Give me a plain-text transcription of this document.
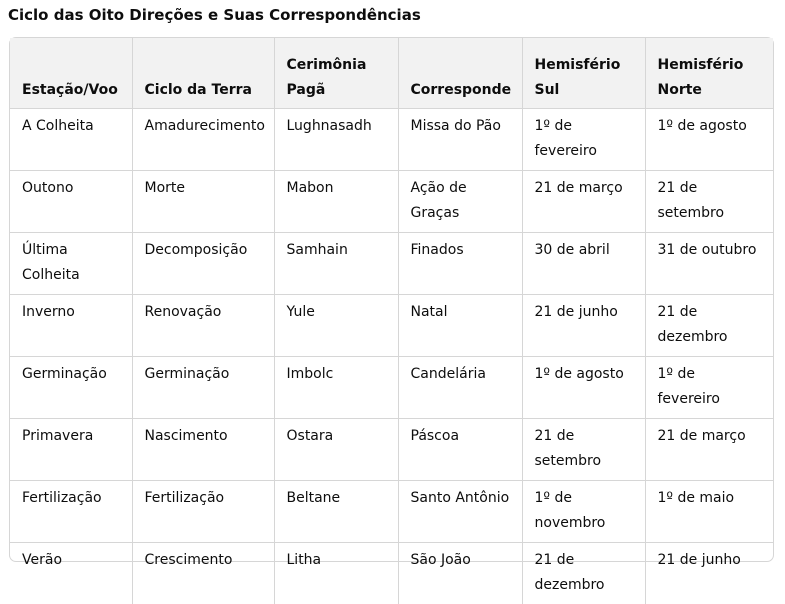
Ciclo das Oito Direções e Suas Correspondências
Estação/Voo	Ciclo da Terra	Cerimônia Pagã	Corresponde	Hemisfério Sul	Hemisfério Norte
A Colheita	Amadurecimento	Lughnasadh	Missa do Pão	1º de fevereiro	1º de agosto
Outono	Morte	Mabon	Ação de Graças	21 de março	21 de setembro
Última Colheita	Decomposição	Samhain	Finados	30 de abril	31 de outubro
Inverno	Renovação	Yule	Natal	21 de junho	21 de dezembro
Germinação	Germinação	Imbolc	Candelária	1º de agosto	1º de fevereiro
Primavera	Nascimento	Ostara	Páscoa	21 de setembro	21 de março
Fertilização	Fertilização	Beltane	Santo Antônio	1º de novembro	1º de maio
Verão	Crescimento	Litha	São João	21 de dezembro	21 de junho
